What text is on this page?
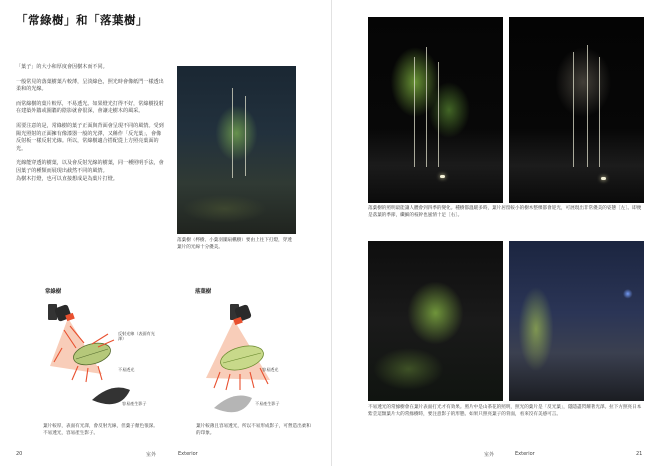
「常綠樹」和「落葉樹」

「葉子」的大小和厚度會因樹木而不同。

一般常見的落葉樹葉片較薄，呈淡綠色，照光時會像紙門一樣透出柔和的光線。

而常綠樹的葉片較厚，不易透光。如果燈光打得不好，常綠樹投射在建築外牆或圍牆的陰影就會很深，會讓走樹木的風采。

需要注意的是，常綠樹的葉子正面與背面會呈現不同的風情。受到陽光照射的正面擁有像漆器一般的光澤，又稱作「反光葉」，會像反射板一樣反射光線。所以，常綠樹適合搭配從上方照亮葉面的光。

光線能穿透的樹葉，以及會反射光線的樹葉，同一種照明手法，會因葉子的種類而展現出截然不同的風情。

為樹木打燈，也可以直接想成是為葉片打燈。

落葉樹（梣樹、小葉羽團扇楓樹）要由上往下打燈，穿透葉片的光線十分優美。
常綠樹
反射光線（表面有光澤）
不易透光
容易產生影子
葉片較厚，表面有光澤，會反射光線，但葉子顏色很深。不易透光，容易產生影子。
落葉樹
容易透光
不易產生影子
葉片較薄且容易透光，所以不易形成影子，可營造出柔和的印象。
20	室外	Exterior
落葉樹的照明最能讓人體會到四季的變化。種樹都溫暖多時，葉片居留較小的樹木整棵都會迎光，可展現出非常優美的姿態［左］。即便是落葉的季節，纖細的枝幹也風情十足［右］。
不易透光的常綠樹會在葉片表面打光才有效果。照片中是山茶花的照明，照光的葉片是「反光葉」，隱隱盡閃耀著光澤。拉下方照亮日本紫莖這類葉片大的常綠樹時，要注意影子的形態。如果只照亮葉子的背面，看來沒有美感可言。
室外	Exterior	21
